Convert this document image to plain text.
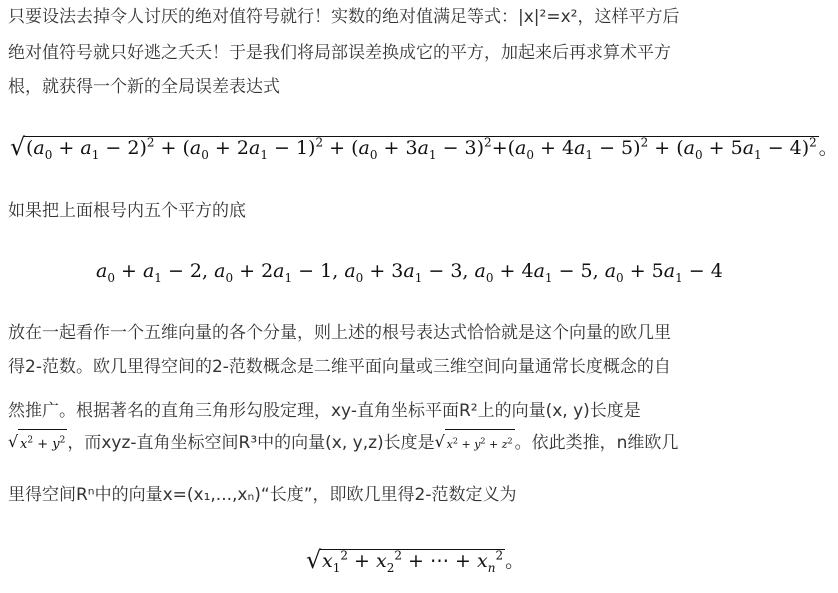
只要设法去掉令人讨厌的绝对值符号就行！实数的绝对值满足等式：|x|²=x²，这样平方后
绝对值符号就只好逃之夭夭！于是我们将局部误差换成它的平方，加起来后再求算术平方
根，就获得一个新的全局误差表达式
√ $(a_0 + a_1 - 2)^2 + (a_0 + 2a_1 - 1)^2 + (a_0 + 3a_1 - 3)^2+(a_0 + 4a_1 - 5)^2 + (a_0 + 5a_1 - 4)^2$ 。
如果把上面根号内五个平方的底
$a_0 + a_1 - 2$, $a_0 + 2a_1 - 1$, $a_0 + 3a_1 - 3$, $a_0 + 4a_1 - 5$, $a_0 + 5a_1 - 4$
放在一起看作一个五维向量的各个分量，则上述的根号表达式恰恰就是这个向量的欧几里
得2-范数。欧几里得空间的2-范数概念是二维平面向量或三维空间向量通常长度概念的自
然推广。根据著名的直角三角形勾股定理，xy-直角坐标平面R²上的向量(x, y)长度是
√ $x^2 + y^2$ ，而xyz-直角坐标空间R³中的向量(x, y,z)长度是√ $x^2 + y^2 + z^2$ 。依此类推，n维欧几
里得空间Rⁿ中的向量x=(x₁,...,xₙ)“长度”，即欧几里得2-范数定义为
√ $x_1^2 + x_2^2$ + ⋯ + $x_n^2$ 。
